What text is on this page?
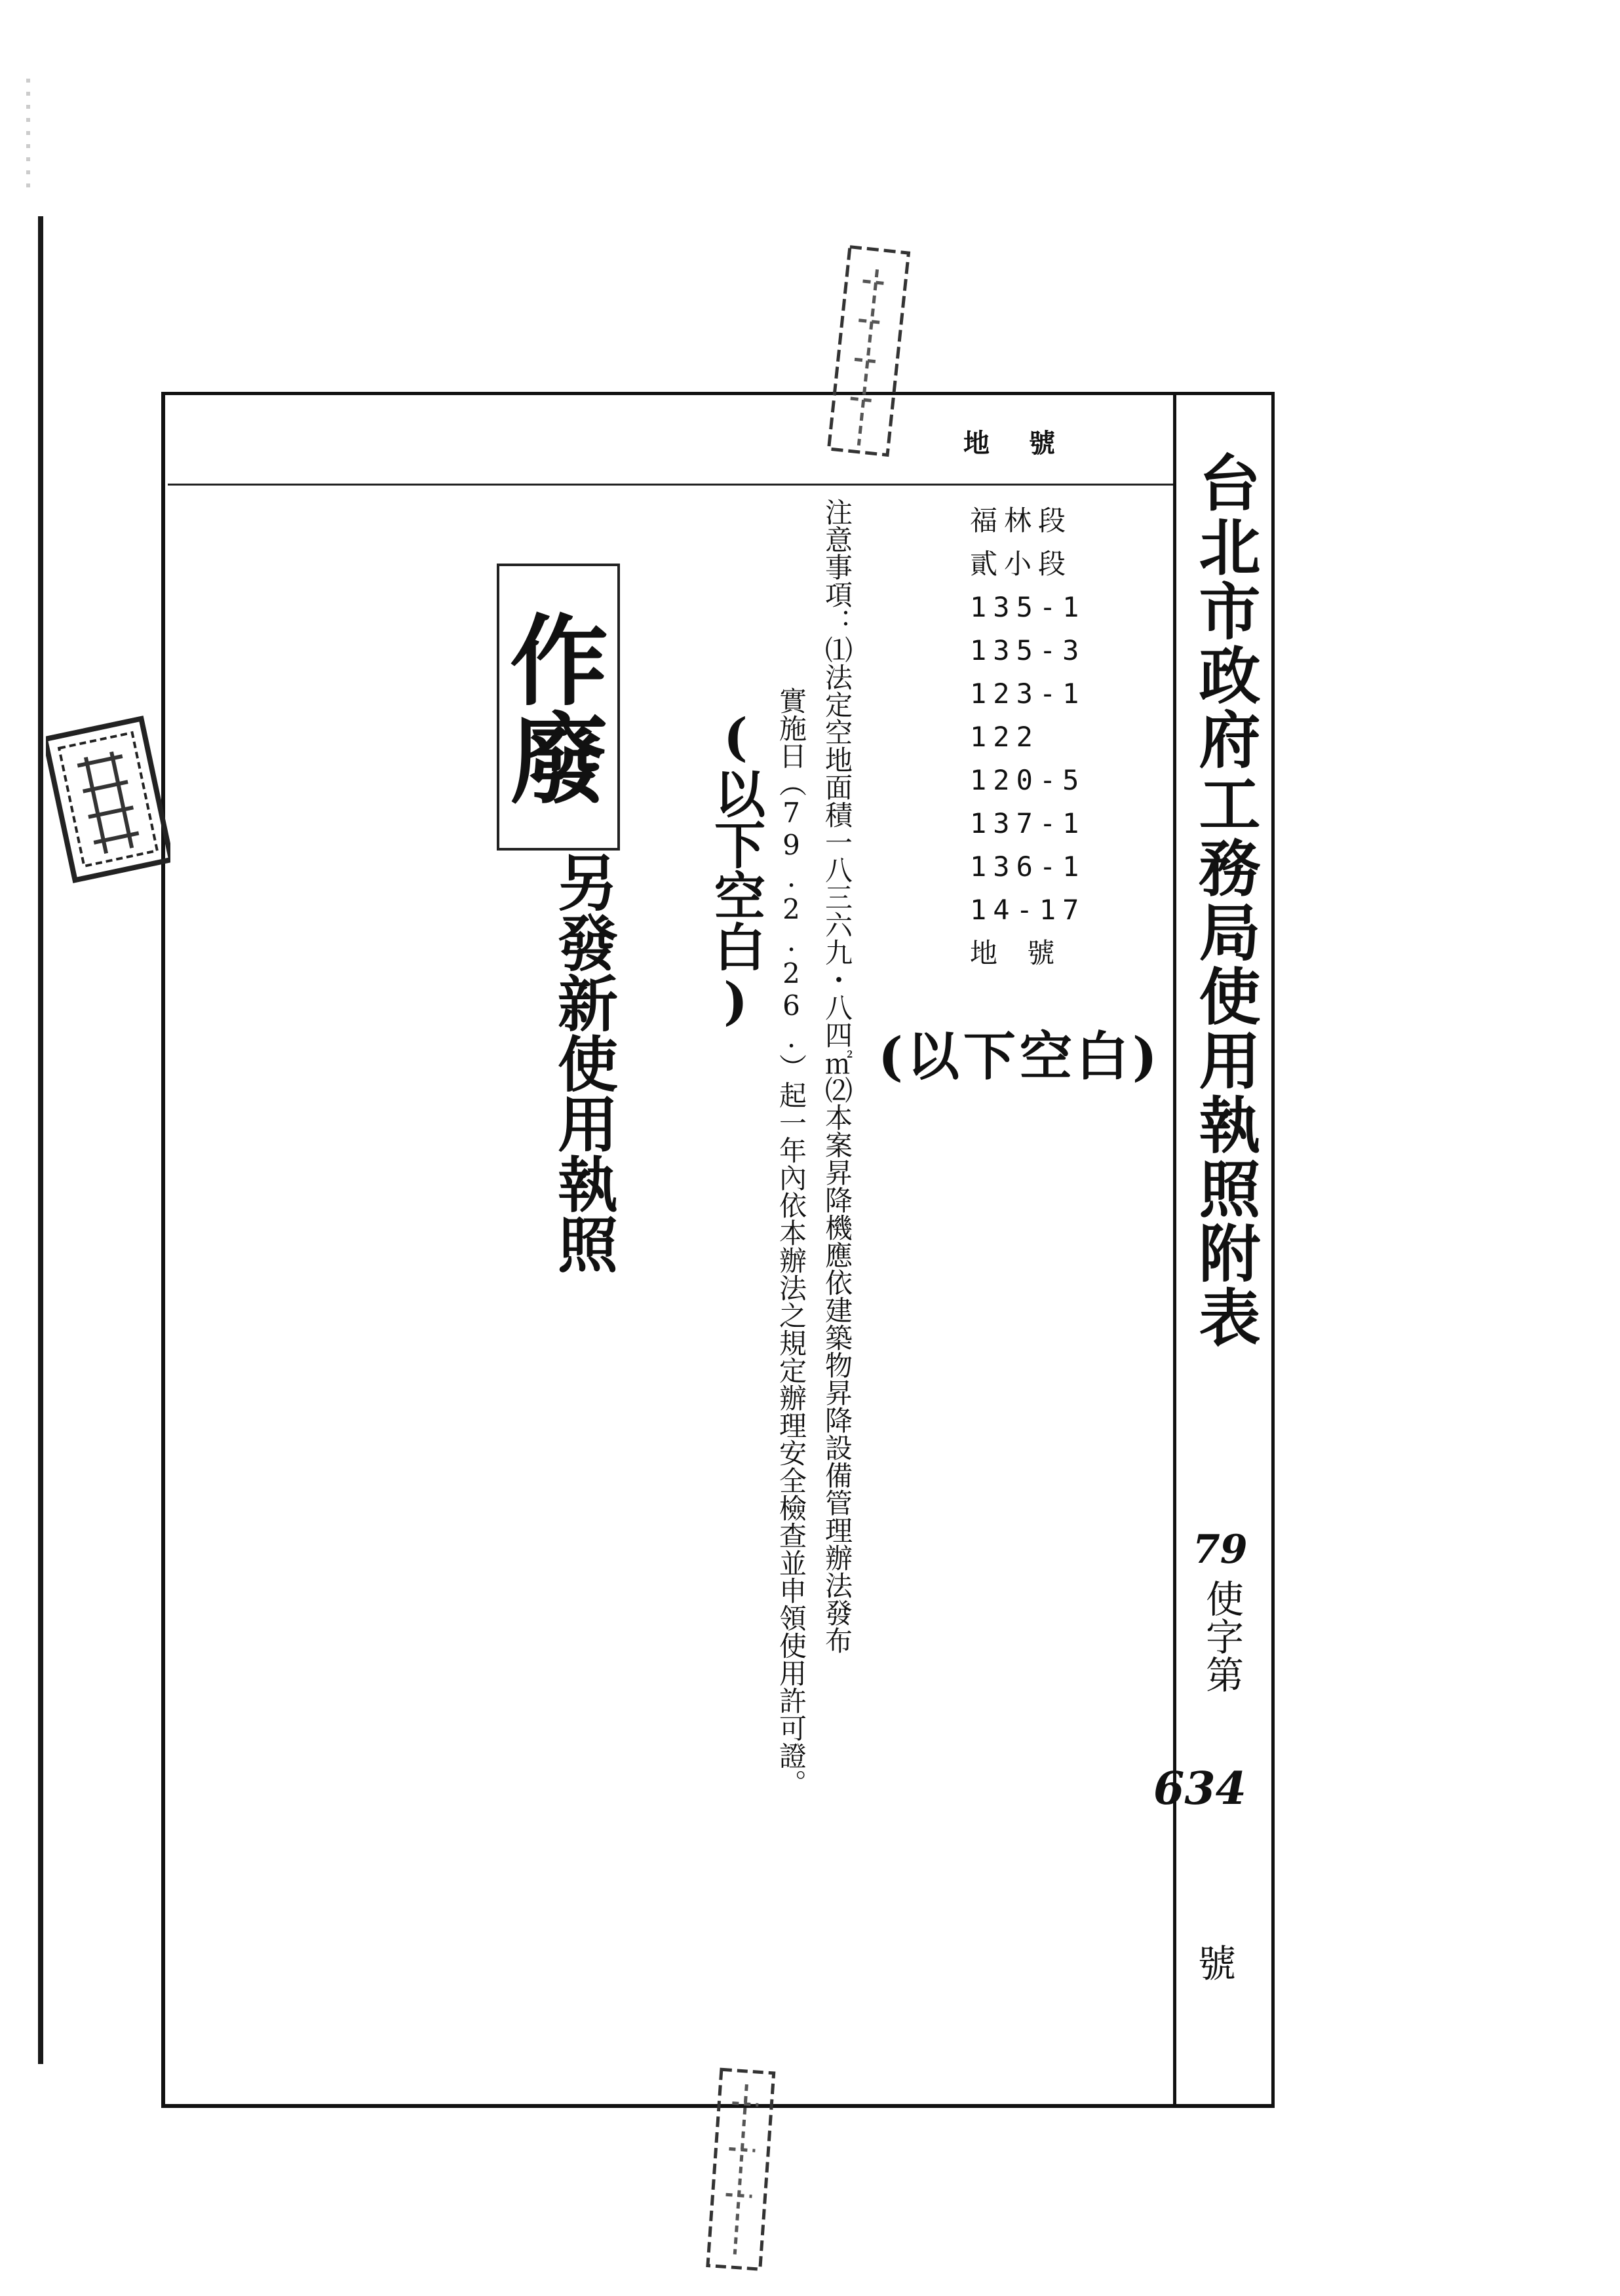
台北市政府工務局使用執照附表
79
使字第
634
號
地號
福林段
貳小段
135-1
135-3
123-1
122
120-5
137-1
136-1
14-17
地 號
(以下空白)
注意事項：⑴法定空地面積一八三六九・八四㎡⑵本案昇降機應依建築物昇降設備管理辦法發布
實施日（79.2.26.）起一年內依本辦法之規定辦理安全檢查並申領使用許可證。
(以下空白)
作廢
另發新使用執照
